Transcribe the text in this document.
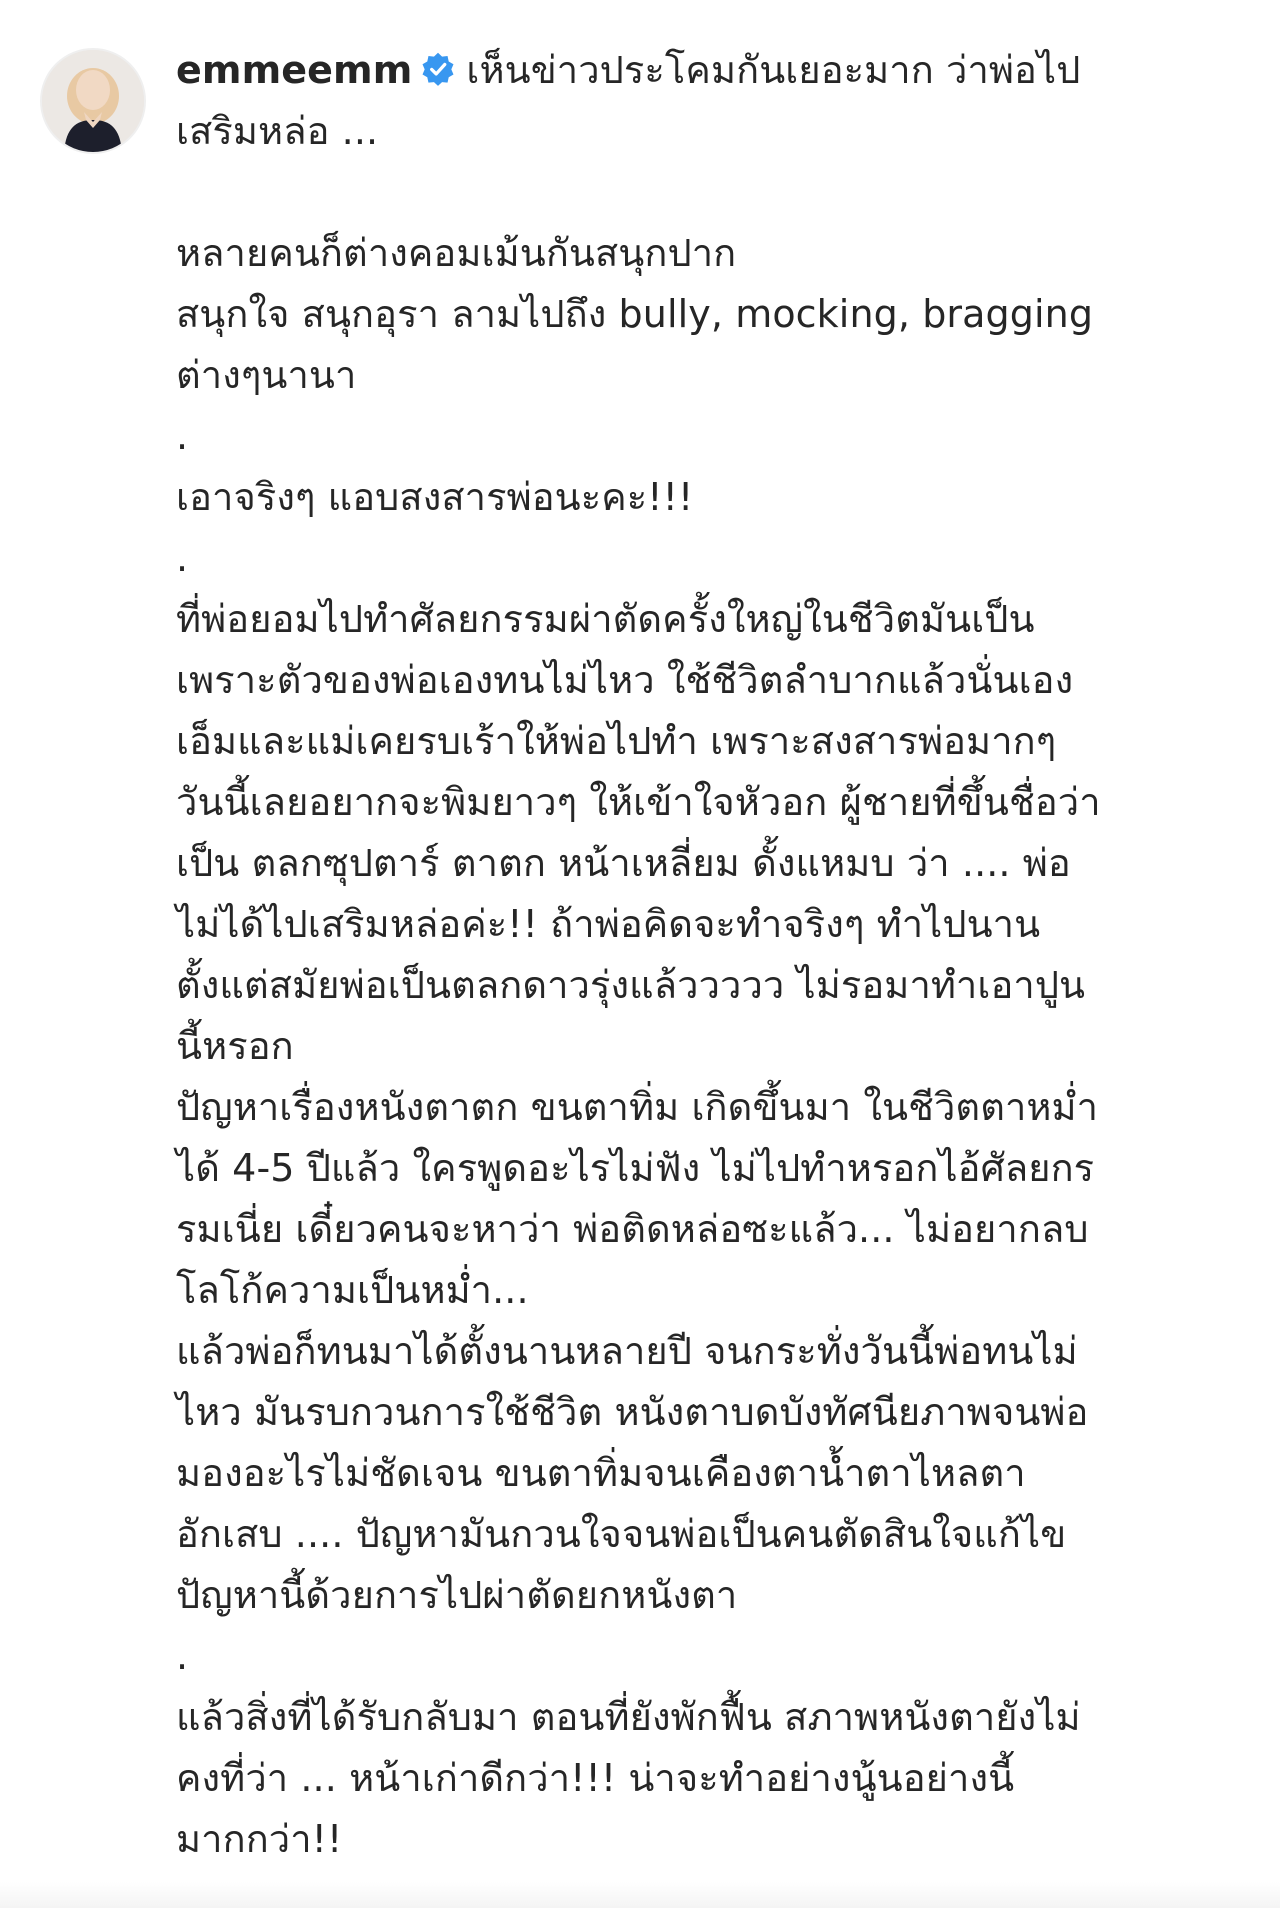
emmeemm เห็นข่าวประโคมกันเยอะมาก ว่าพ่อไป
เสริมหล่อ ...
หลายคนก็ต่างคอมเม้นกันสนุกปาก
สนุกใจ สนุกอุรา ลามไปถึง bully, mocking, bragging
ต่างๆนานา
.
เอาจริงๆ แอบสงสารพ่อนะคะ!!!
.
ที่พ่อยอมไปทำศัลยกรรมผ่าตัดครั้งใหญ่ในชีวิตมันเป็น
เพราะตัวของพ่อเองทนไม่ไหว ใช้ชีวิตลำบากแล้วนั่นเอง
เอ็มและแม่เคยรบเร้าให้พ่อไปทำ เพราะสงสารพ่อมากๆ
วันนี้เลยอยากจะพิมยาวๆ ให้เข้าใจหัวอก ผู้ชายที่ขึ้นชื่อว่า
เป็น ตลกซุปตาร์ ตาตก หน้าเหลี่ยม ดั้งแหมบ ว่า .... พ่อ
ไม่ได้ไปเสริมหล่อค่ะ!! ถ้าพ่อคิดจะทำจริงๆ ทำไปนาน
ตั้งแต่สมัยพ่อเป็นตลกดาวรุ่งแล้ววววว ไม่รอมาทำเอาปูน
นี้หรอก
ปัญหาเรื่องหนังตาตก ขนตาทิ่ม เกิดขึ้นมา ในชีวิตตาหม่ำ
ได้ 4-5 ปีแล้ว ใครพูดอะไรไม่ฟัง ไม่ไปทำหรอกไอ้ศัลยกร
รมเนี่ย เดี๋ยวคนจะหาว่า พ่อติดหล่อซะแล้ว... ไม่อยากลบ
โลโก้ความเป็นหม่ำ...
แล้วพ่อก็ทนมาได้ตั้งนานหลายปี จนกระทั่งวันนี้พ่อทนไม่
ไหว มันรบกวนการใช้ชีวิต หนังตาบดบังทัศนียภาพจนพ่อ
มองอะไรไม่ชัดเจน ขนตาทิ่มจนเคืองตาน้ำตาไหลตา
อักเสบ .... ปัญหามันกวนใจจนพ่อเป็นคนตัดสินใจแก้ไข
ปัญหานี้ด้วยการไปผ่าตัดยกหนังตา
.
แล้วสิ่งที่ได้รับกลับมา ตอนที่ยังพักฟื้น สภาพหนังตายังไม่
คงที่ว่า ... หน้าเก่าดีกว่า!!! น่าจะทำอย่างนู้นอย่างนี้
มากกว่า!!
